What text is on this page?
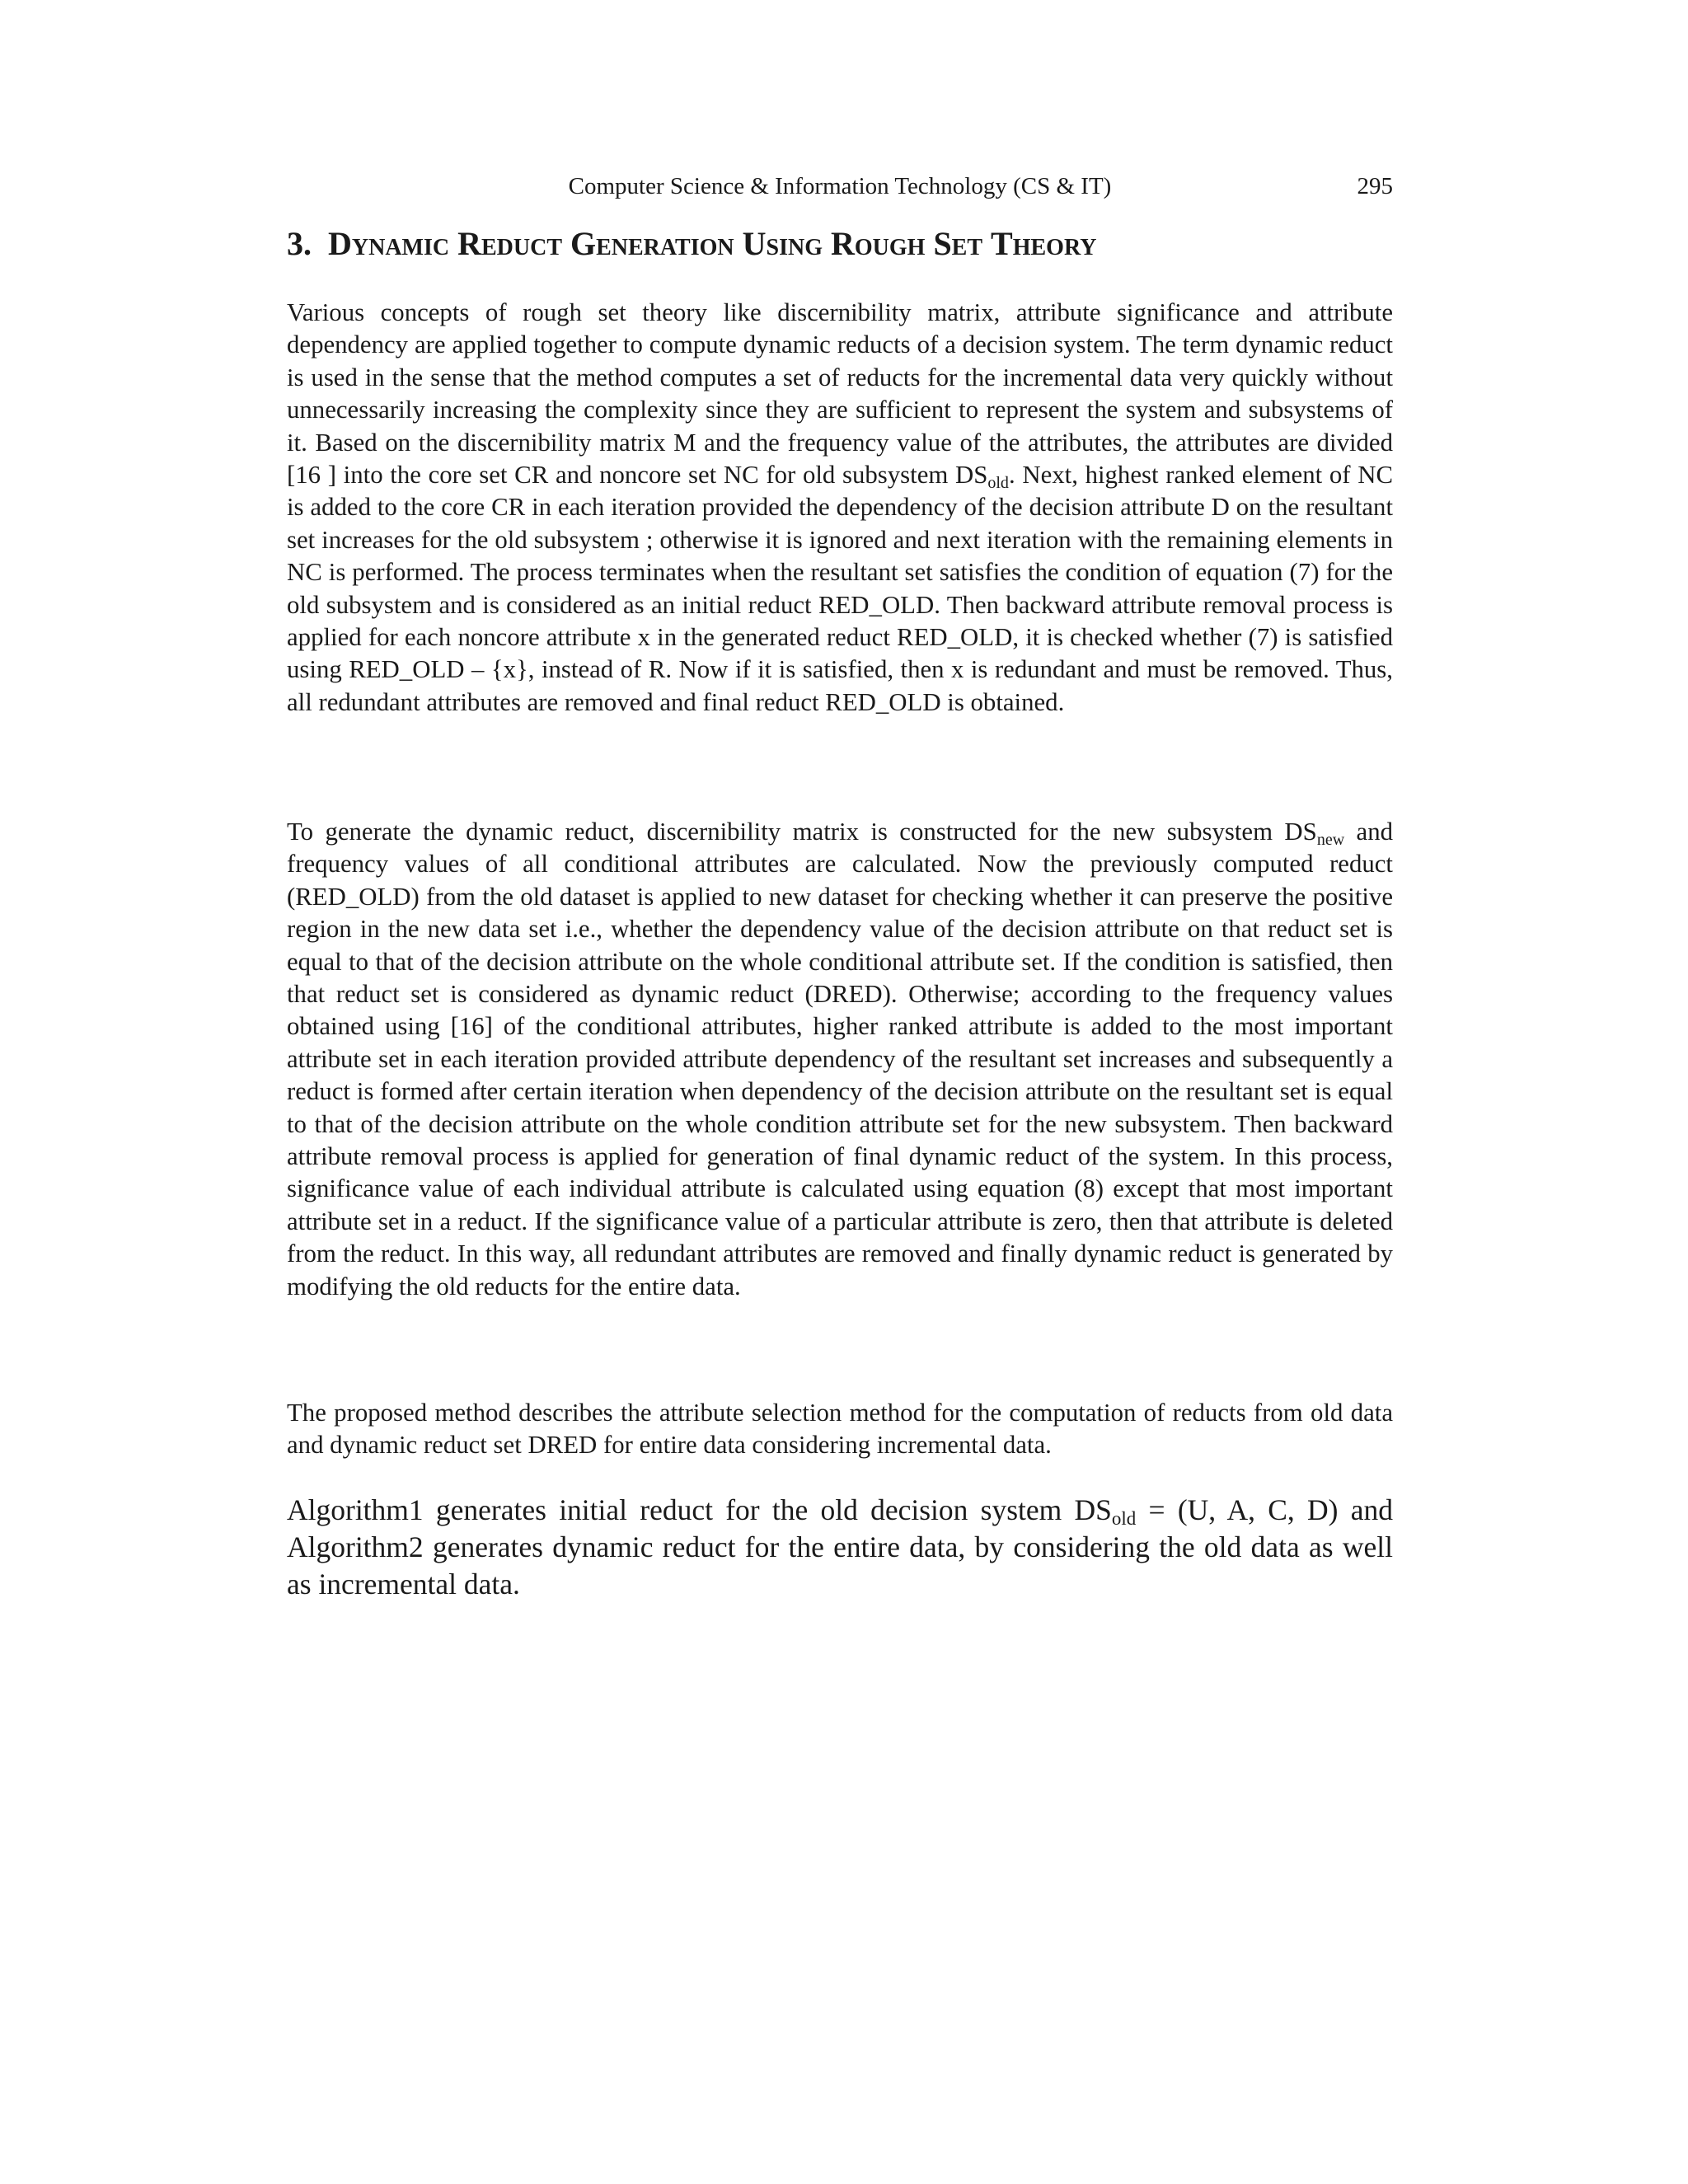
Computer Science & Information Technology (CS & IT)	295
3. Dynamic Reduct Generation Using Rough Set Theory

Various concepts of rough set theory like discernibility matrix, attribute significance and attribute dependency are applied together to compute dynamic reducts of a decision system. The term dynamic reduct is used in the sense that the method computes a set of reducts for the incremental data very quickly without unnecessarily increasing the complexity since they are sufficient to represent the system and subsystems of it. Based on the discernibility matrix M and the frequency value of the attributes, the attributes are divided [16 ] into the core set CR and noncore set NC for old subsystem $DS_{old}$. Next, highest ranked element of NC is added to the core CR in each iteration provided the dependency of the decision attribute D on the resultant set increases for the old subsystem ; otherwise it is ignored and next iteration with the remaining elements in NC is performed. The process terminates when the resultant set satisfies the condition of equation (7) for the old subsystem and is considered as an initial reduct RED_OLD. Then backward attribute removal process is applied for each noncore attribute x in the generated reduct RED_OLD, it is checked whether (7) is satisfied using RED_OLD – {x}, instead of R. Now if it is satisfied, then x is redundant and must be removed. Thus, all redundant attributes are removed and final reduct RED_OLD is obtained.

To generate the dynamic reduct, discernibility matrix is constructed for the new subsystem $DS_{new}$ and frequency values of all conditional attributes are calculated. Now the previously computed reduct (RED_OLD) from the old dataset is applied to new dataset for checking whether it can preserve the positive region in the new data set i.e., whether the dependency value of the decision attribute on that reduct set is equal to that of the decision attribute on the whole conditional attribute set. If the condition is satisfied, then that reduct set is considered as dynamic reduct (DRED). Otherwise; according to the frequency values obtained using [16] of the conditional attributes, higher ranked attribute is added to the most important attribute set in each iteration provided attribute dependency of the resultant set increases and subsequently a reduct is formed after certain iteration when dependency of the decision attribute on the resultant set is equal to that of the decision attribute on the whole condition attribute set for the new subsystem. Then backward attribute removal process is applied for generation of final dynamic reduct of the system. In this process, significance value of each individual attribute is calculated using equation (8) except that most important attribute set in a reduct. If the significance value of a particular attribute is zero, then that attribute is deleted from the reduct. In this way, all redundant attributes are removed and finally dynamic reduct is generated by modifying the old reducts for the entire data.

The proposed method describes the attribute selection method for the computation of reducts from old data and dynamic reduct set DRED for entire data considering incremental data.

Algorithm1 generates initial reduct for the old decision system $DS_{old} = (U$, A, C, D) and Algorithm2 generates dynamic reduct for the entire data, by considering the old data as well as incremental data.
